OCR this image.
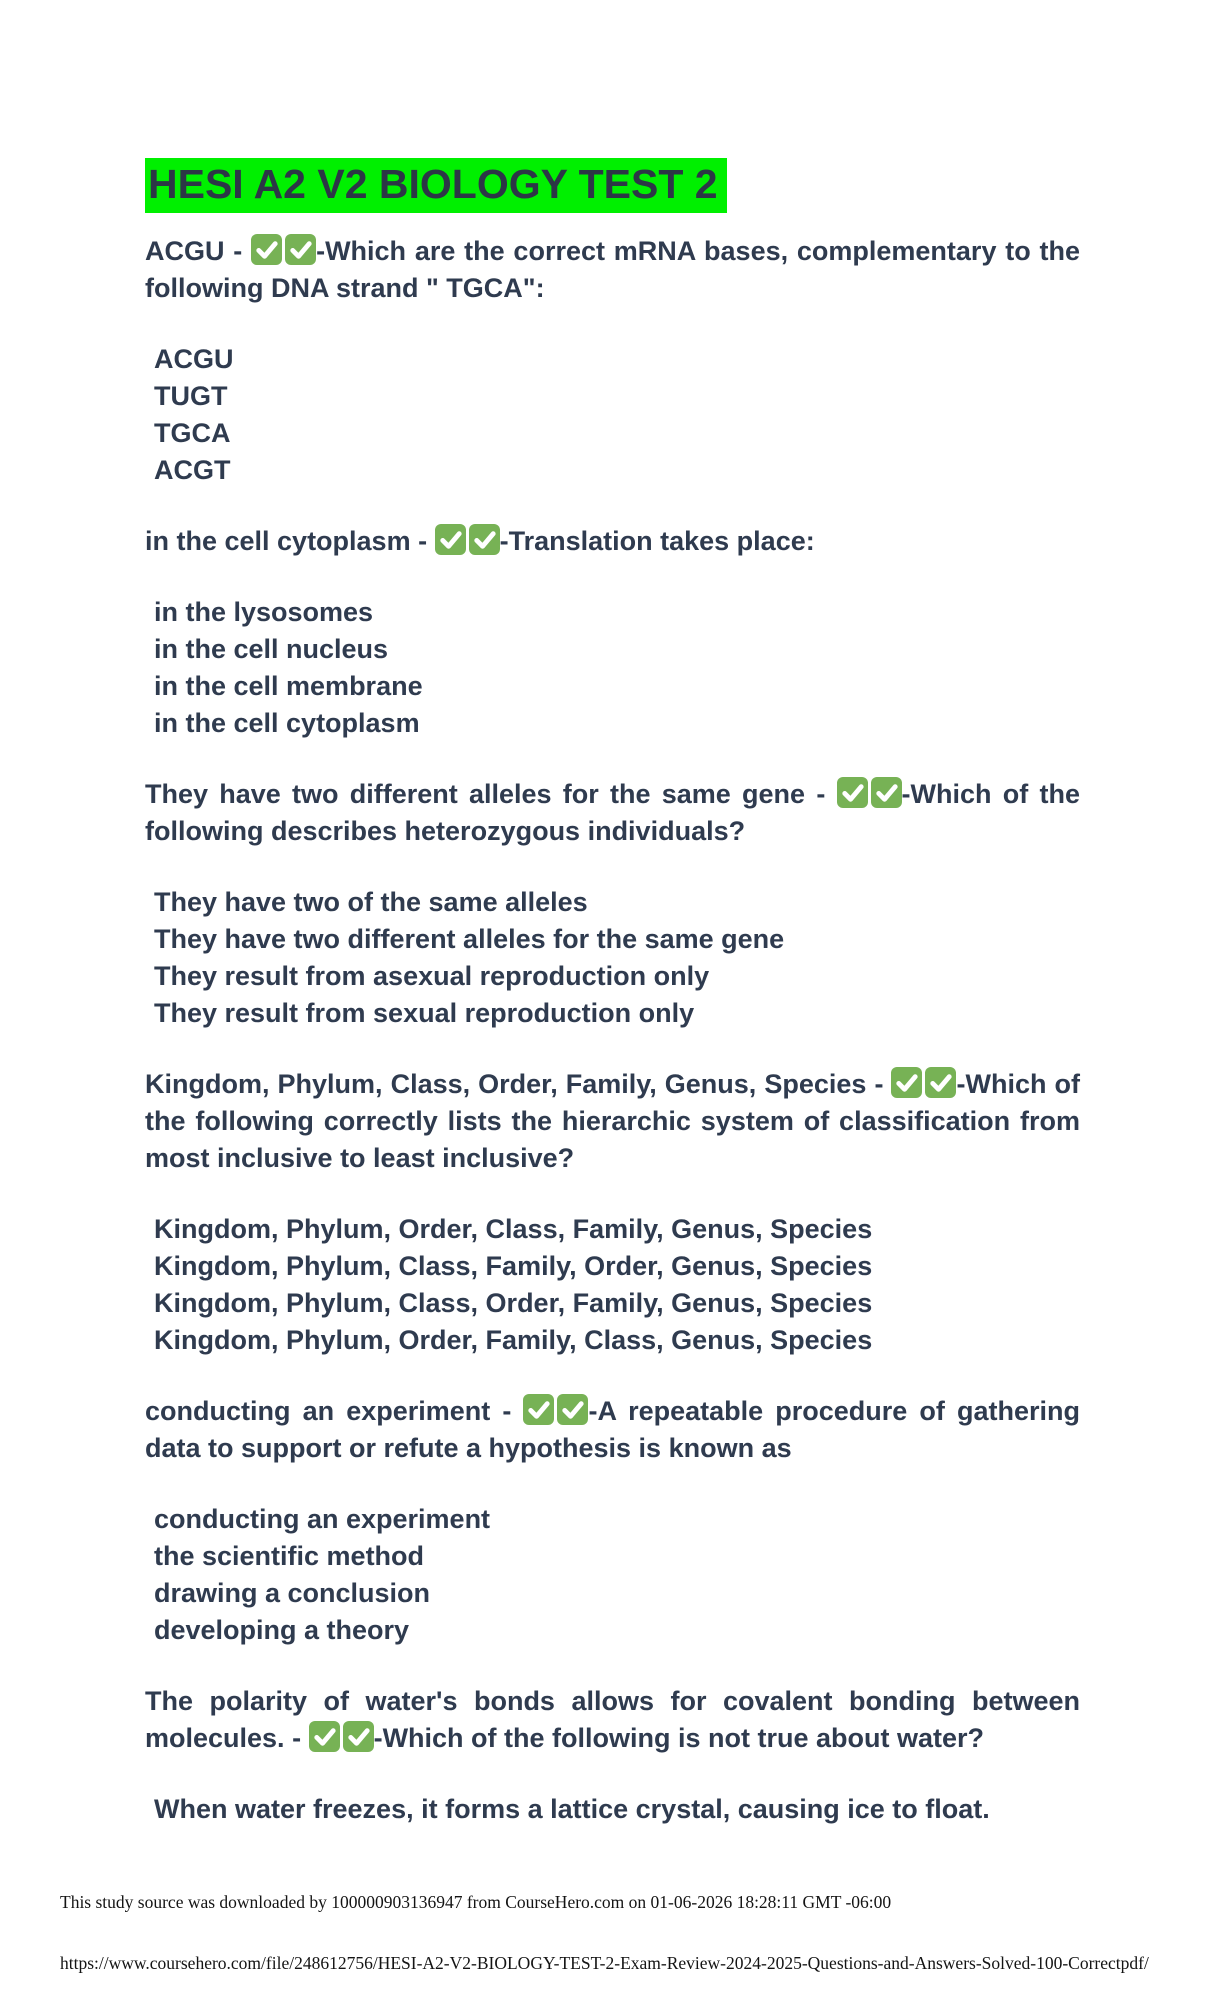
HESI A2 V2 BIOLOGY TEST 2

ACGU -
-Which are the correct mRNA bases, complementary to the following DNA strand " TGCA":

ACGU
TUGT
TGCA
ACGT

in the cell cytoplasm -
-Translation takes place:

in the lysosomes
in the cell nucleus
in the cell membrane
in the cell cytoplasm

They have two different alleles for the same gene -
-Which of the following describes heterozygous individuals?

They have two of the same alleles
They have two different alleles for the same gene
They result from asexual reproduction only
They result from sexual reproduction only

Kingdom, Phylum, Class, Order, Family, Genus, Species -
-Which of the following correctly lists the hierarchic system of classification from most inclusive to least inclusive?

Kingdom, Phylum, Order, Class, Family, Genus, Species
Kingdom, Phylum, Class, Family, Order, Genus, Species
Kingdom, Phylum, Class, Order, Family, Genus, Species
Kingdom, Phylum, Order, Family, Class, Genus, Species

conducting an experiment -
-A repeatable procedure of gathering data to support or refute a hypothesis is known as

conducting an experiment
the scientific method
drawing a conclusion
developing a theory

The polarity of water's bonds allows for covalent bonding between molecules. -
-Which of the following is not true about water?

When water freezes, it forms a lattice crystal, causing ice to float.
This study source was downloaded by 100000903136947 from CourseHero.com on 01-06-2026 18:28:11 GMT -06:00
https://www.coursehero.com/file/248612756/HESI-A2-V2-BIOLOGY-TEST-2-Exam-Review-2024-2025-Questions-and-Answers-Solved-100-Correctpdf/
